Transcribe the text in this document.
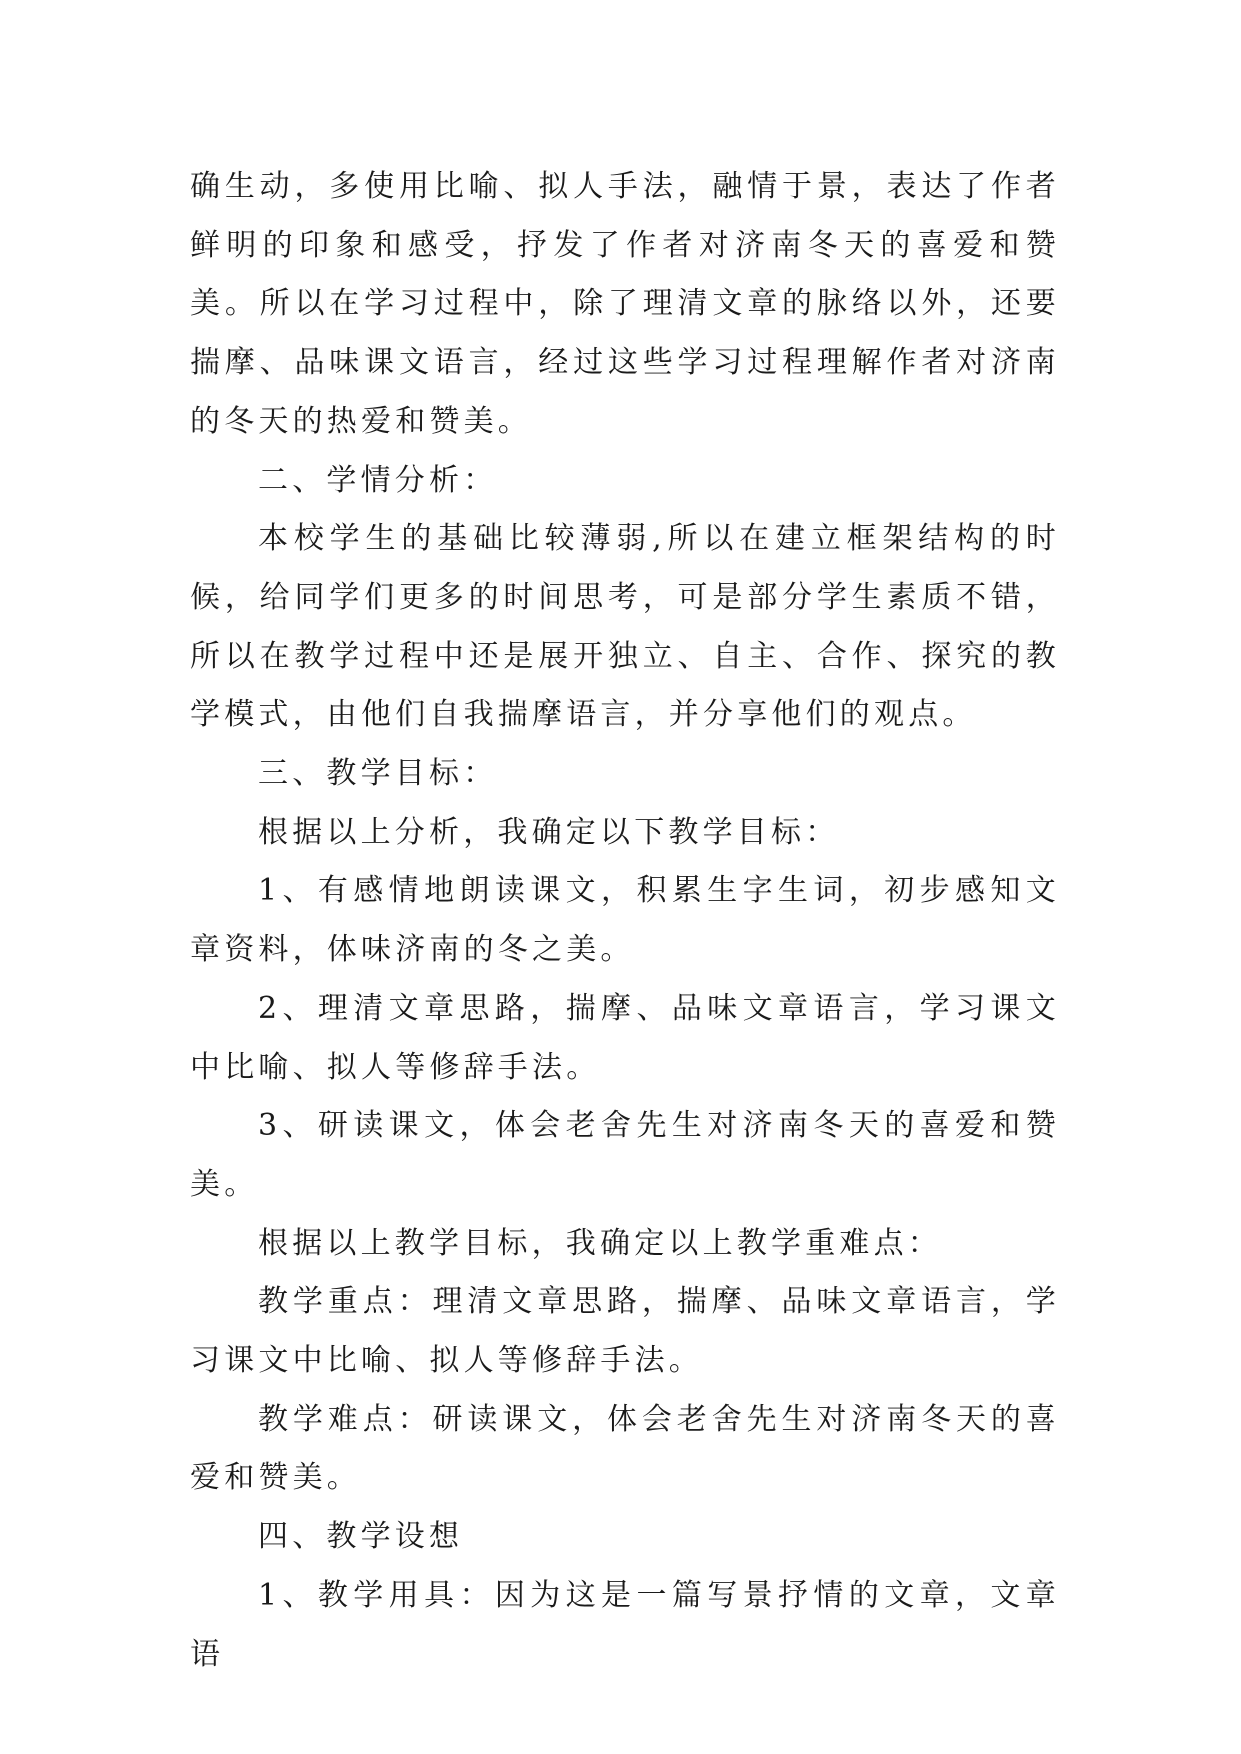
确生动，多使用比喻、拟人手法，融情于景，表达了作者鲜明的印象和感受，抒发了作者对济南冬天的喜爱和赞美。所以在学习过程中，除了理清文章的脉络以外，还要揣摩、品味课文语言，经过这些学习过程理解作者对济南的冬天的热爱和赞美。

二、学情分析：

本校学生的基础比较薄弱,所以在建立框架结构的时候，给同学们更多的时间思考，可是部分学生素质不错，所以在教学过程中还是展开独立、自主、合作、探究的教学模式，由他们自我揣摩语言，并分享他们的观点。

三、教学目标：

根据以上分析，我确定以下教学目标：

1、有感情地朗读课文，积累生字生词，初步感知文章资料，体味济南的冬之美。

2、理清文章思路，揣摩、品味文章语言，学习课文中比喻、拟人等修辞手法。

3、研读课文，体会老舍先生对济南冬天的喜爱和赞美。

根据以上教学目标，我确定以上教学重难点：

教学重点：理清文章思路，揣摩、品味文章语言，学习课文中比喻、拟人等修辞手法。

教学难点：研读课文，体会老舍先生对济南冬天的喜爱和赞美。

四、教学设想

1、教学用具：因为这是一篇写景抒情的文章，文章语
